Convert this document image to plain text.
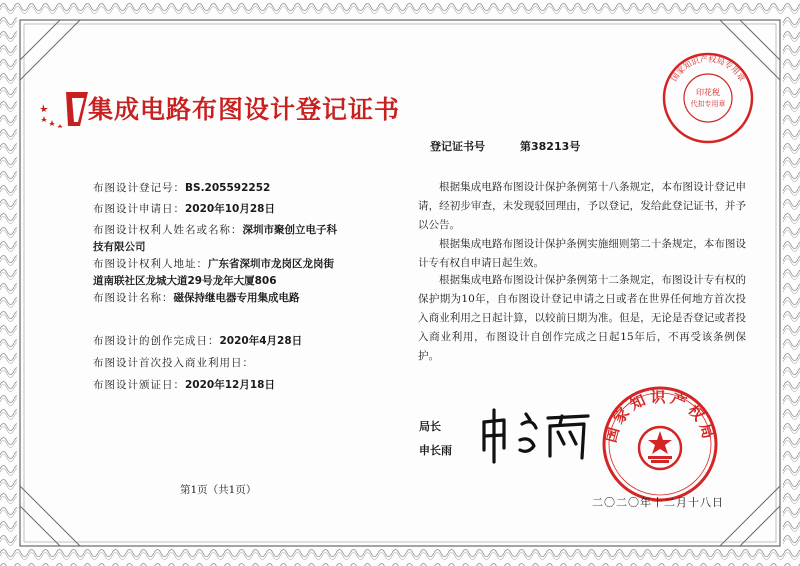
集成电路布图设计登记证书
印花税
代扣专用章
国家知识产权局专用章
登记证书号	第38213号
布图设计登记号：BS.205592252
布图设计申请日：2020年10月28日
布图设计权利人姓名或名称：深圳市聚创立电子科
技有限公司
布图设计权利人地址：广东省深圳市龙岗区龙岗街
道南联社区龙城大道29号龙年大厦806
布图设计名称：磁保持继电器专用集成电路
布图设计的创作完成日：2020年4月28日
布图设计首次投入商业利用日：
布图设计颁证日：2020年12月18日
根据集成电路布图设计保护条例第十八条规定，本布图设计登记申请，经初步审查，未发现驳回理由，予以登记，发给此登记证书，并予以公告。
根据集成电路布图设计保护条例实施细则第二十条规定，本布图设计专有权自申请日起生效。
根据集成电路布图设计保护条例第十二条规定，布图设计专有权的保护期为10年，自布图设计登记申请之日或者在世界任何地方首次投入商业利用之日起计算，以较前日期为准。但是，无论是否登记或者投入商业利用，布图设计自创作完成之日起15年后，不再受该条例保护。
局长
申长雨
国家知识产权局
第1页（共1页）
二〇二〇年十二月十八日
